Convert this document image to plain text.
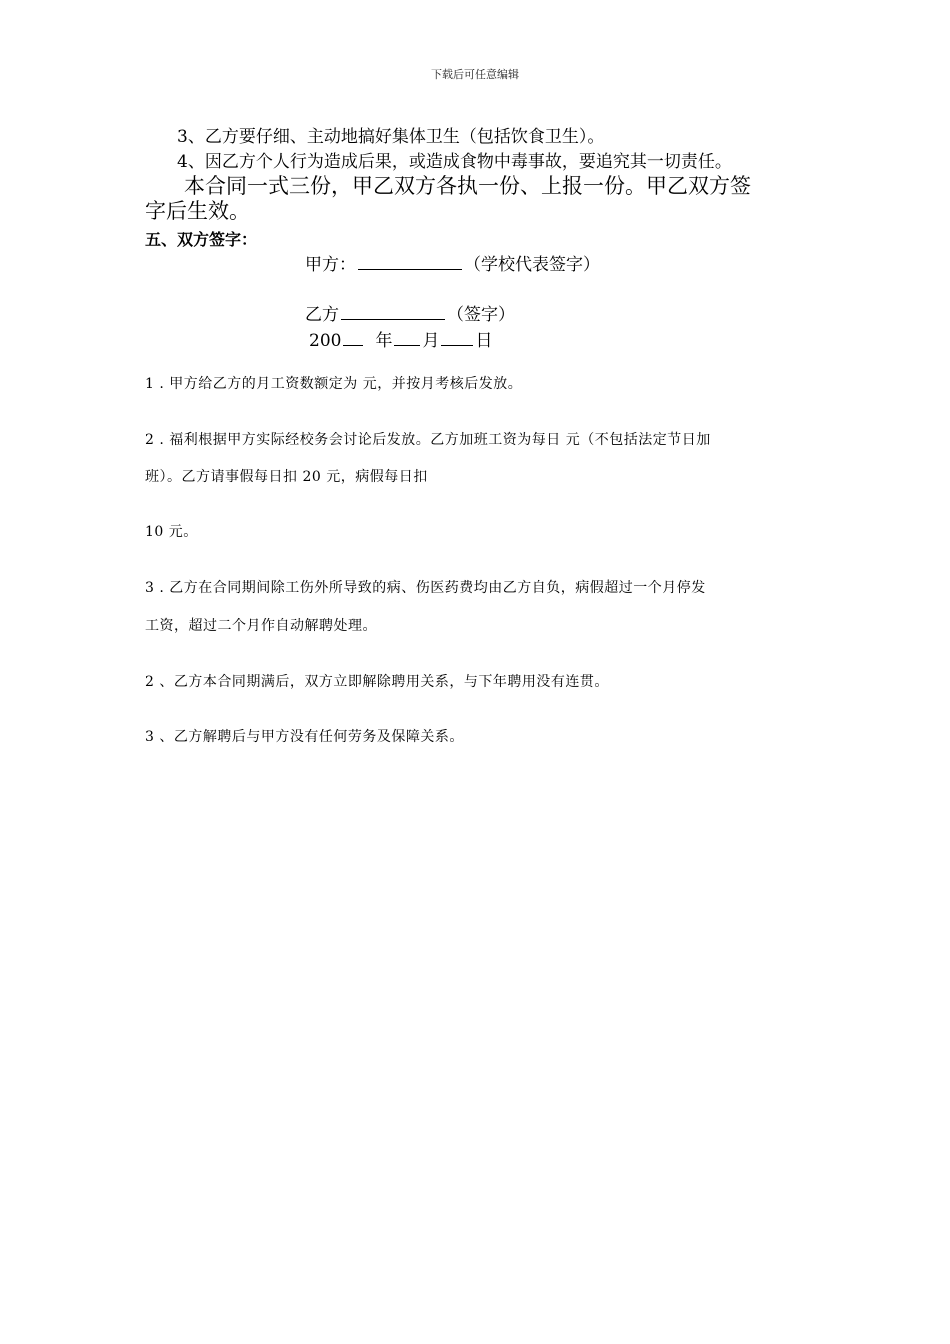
下载后可任意编辑
3、乙方要仔细、主动地搞好集体卫生（包括饮食卫生）。
4、因乙方个人行为造成后果，或造成食物中毒事故，要追究其一切责任。
本合同一式三份，甲乙双方各执一份、上报一份。甲乙双方签
字后生效。
五、双方签字：
甲方：	（学校代表签字）
乙方	（签字）
200 年 月 日
1 . 甲方给乙方的月工资数额定为 元，并按月考核后发放。
2 . 福利根据甲方实际经校务会讨论后发放。乙方加班工资为每日 元（不包括法定节日加
班）。乙方请事假每日扣 20 元，病假每日扣
10 元。
3 . 乙方在合同期间除工伤外所导致的病、伤医药费均由乙方自负，病假超过一个月停发
工资，超过二个月作自动解聘处理。
2 、乙方本合同期满后，双方立即解除聘用关系，与下年聘用没有连贯。
3 、乙方解聘后与甲方没有任何劳务及保障关系。
